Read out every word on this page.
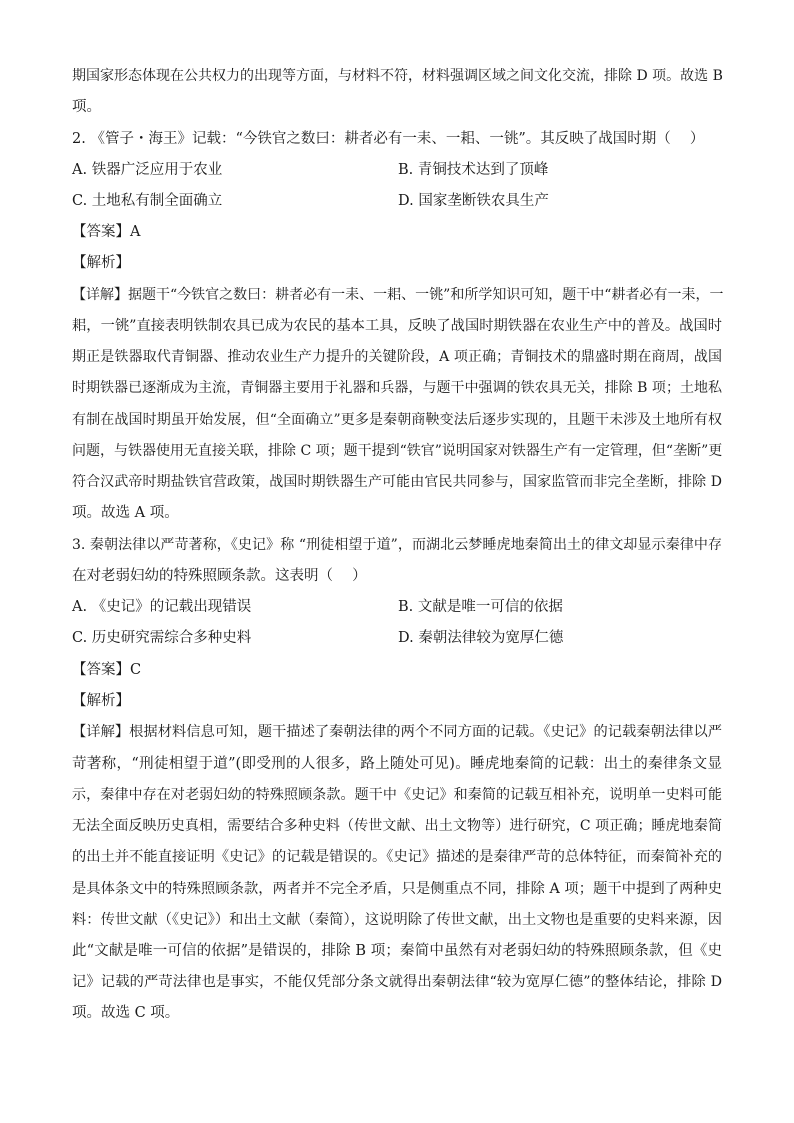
期国家形态体现在公共权力的出现等方面，与材料不符，材料强调区域之间文化交流，排除 D 项。故选 B
项。
2. 《管子・海王》记载：“今铁官之数曰：耕者必有一耒、一耜、一铫”。其反映了战国时期（　 ）
A. 铁器广泛应用于农业	B. 青铜技术达到了顶峰
C. 土地私有制全面确立	D. 国家垄断铁农具生产
【答案】A
【解析】
【详解】据题干“今铁官之数曰：耕者必有一耒、一耜、一铫”和所学知识可知，题干中“耕者必有一耒，一
耜，一铫”直接表明铁制农具已成为农民的基本工具，反映了战国时期铁器在农业生产中的普及。战国时
期正是铁器取代青铜器、推动农业生产力提升的关键阶段，A 项正确；青铜技术的鼎盛时期在商周，战国
时期铁器已逐渐成为主流，青铜器主要用于礼器和兵器，与题干中强调的铁农具无关，排除 B 项；土地私
有制在战国时期虽开始发展，但“全面确立”更多是秦朝商鞅变法后逐步实现的，且题干未涉及土地所有权
问题，与铁器使用无直接关联，排除 C 项；题干提到“铁官”说明国家对铁器生产有一定管理，但“垄断”更
符合汉武帝时期盐铁官营政策，战国时期铁器生产可能由官民共同参与，国家监管而非完全垄断，排除 D
项。故选 A 项。
3. 秦朝法律以严苛著称，《史记》称 “刑徒相望于道”，而湖北云梦睡虎地秦简出土的律文却显示秦律中存
在对老弱妇幼的特殊照顾条款。这表明（　 ）
A. 《史记》的记载出现错误	B. 文献是唯一可信的依据
C. 历史研究需综合多种史料	D. 秦朝法律较为宽厚仁德
【答案】C
【解析】
【详解】根据材料信息可知，题干描述了秦朝法律的两个不同方面的记载。《史记》的记载秦朝法律以严
苛著称，“刑徒相望于道”(即受刑的人很多，路上随处可见)。睡虎地秦简的记载：出土的秦律条文显
示，秦律中存在对老弱妇幼的特殊照顾条款。题干中《史记》和秦简的记载互相补充，说明单一史料可能
无法全面反映历史真相，需要结合多种史料（传世文献、出土文物等）进行研究，C 项正确；睡虎地秦简
的出土并不能直接证明《史记》的记载是错误的。《史记》描述的是秦律严苛的总体特征，而秦简补充的
是具体条文中的特殊照顾条款，两者并不完全矛盾，只是侧重点不同，排除 A 项；题干中提到了两种史
料：传世文献（《史记》）和出土文献（秦简），这说明除了传世文献，出土文物也是重要的史料来源，因
此“文献是唯一可信的依据”是错误的，排除 B 项；秦简中虽然有对老弱妇幼的特殊照顾条款，但《史
记》记载的严苛法律也是事实，不能仅凭部分条文就得出秦朝法律“较为宽厚仁德”的整体结论，排除 D
项。故选 C 项。
